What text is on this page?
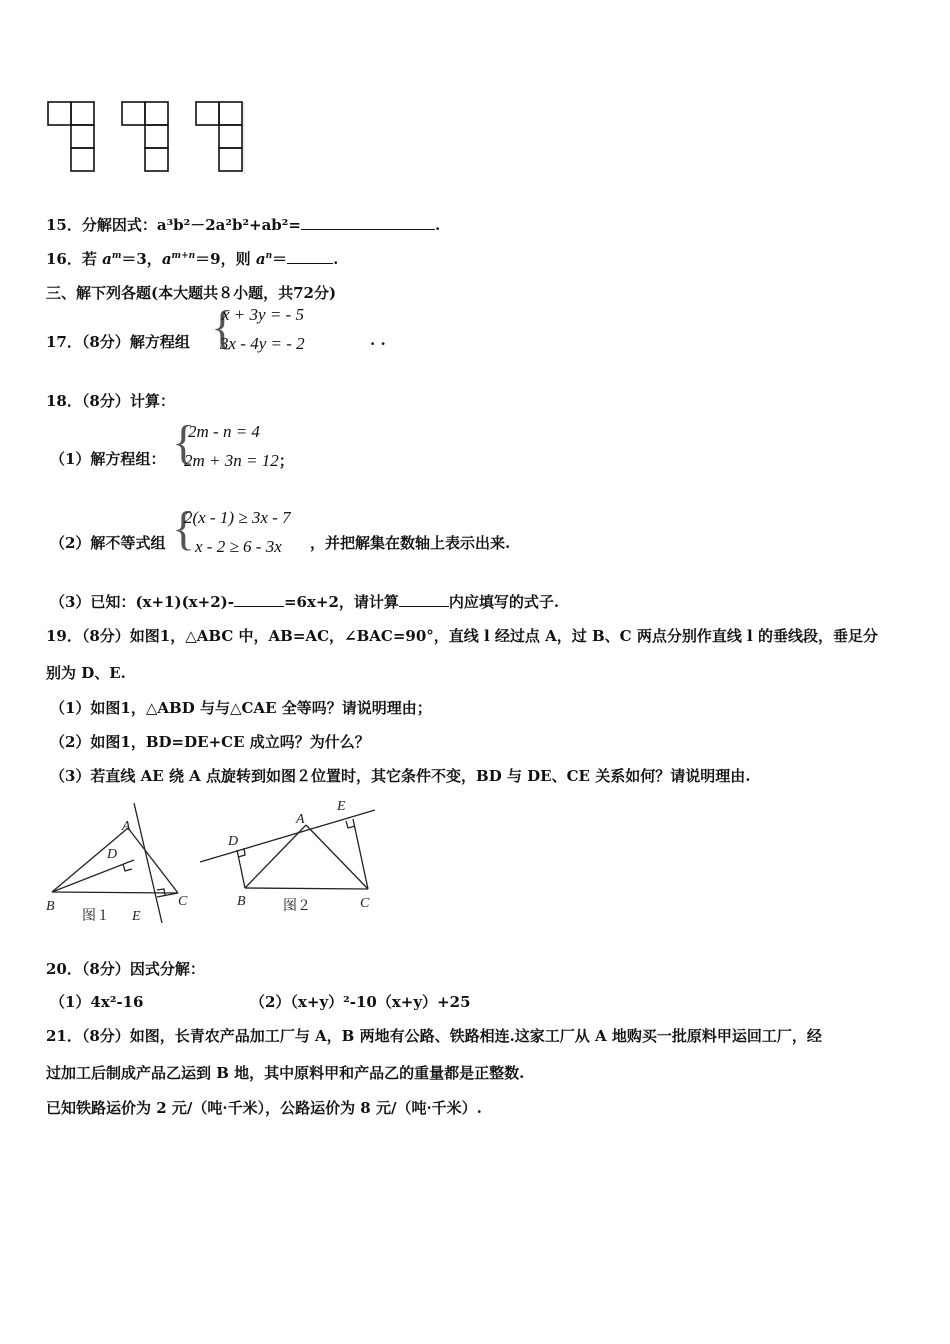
15．分解因式：a³b²－2a²b²+ab²=	.
16．若 $a^m=3$，$a^{m+n}=9$，则 $a^n=$	.
三、解下列各题(本大题共８小题，共72分)
17．（8分）解方程组 {
x + 3y = - 5
3x - 4y = - 2	. .
18．（8分）计算：
（1）解方程组： {
2m - n = 4
2m + 3n = 12；
（2）解不等式组 {
2(x - 1) ≥ 3x - 7
x - 2 ≥ 6 - 3x ，并把解集在数轴上表示出来.
（3）已知：(x+1)(x+2)-	=6x+2，请计算	内应填写的式子.
19．（8分）如图1，△ABC 中，AB=AC，∠BAC=90°，直线 l 经过点 A，过 B、C 两点分别作直线 l 的垂线段，垂足分
别为 D、E.
（1）如图1，△ABD 与与△CAE 全等吗？请说明理由；
（2）如图1，BD=DE+CE 成立吗？为什么？
（3）若直线 AE 绕 A 点旋转到如图２位置时，其它条件不变，BD 与 DE、CE 关系如何？请说明理由.
A
D
B	C
E
A
D
E
B	C
图１
图２
20．（8分）因式分解：
（1）4x²-16	（2）（x+y）²-10（x+y）+25
21．（8分）如图，长青农产品加工厂与 A，B 两地有公路、铁路相连.这家工厂从 A 地购买一批原料甲运回工厂，经
过加工后制成产品乙运到 B 地，其中原料甲和产品乙的重量都是正整数.
已知铁路运价为 2 元/（吨·千米），公路运价为 8 元/（吨·千米）.
